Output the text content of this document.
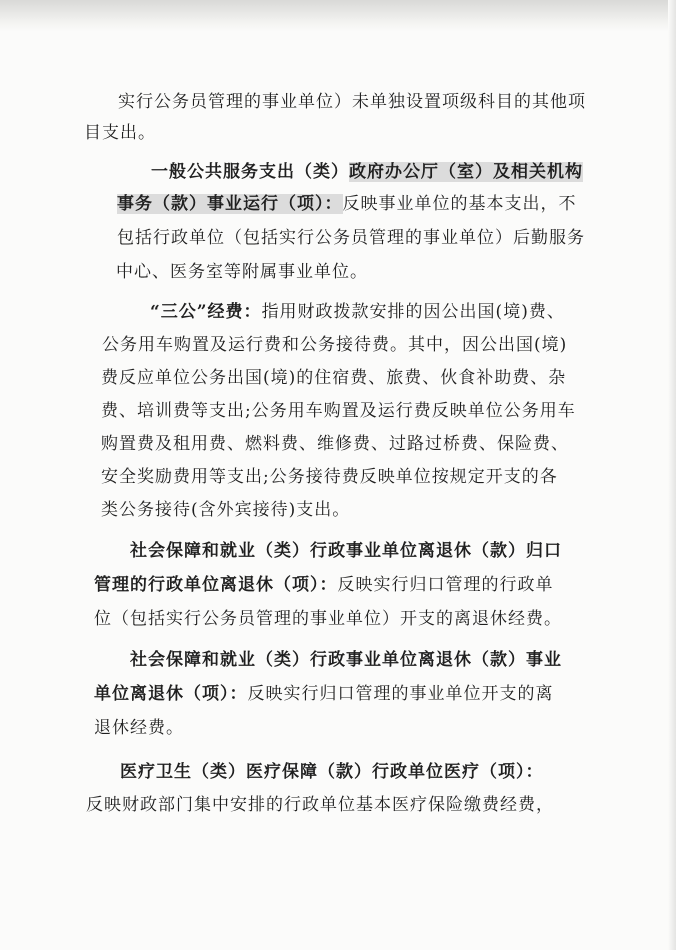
实行公务员管理的事业单位）未单独设置项级科目的其他项
目支出。
一般公共服务支出（类）政府办公厅（室）及相关机构
事务（款）事业运行（项）：反映事业单位的基本支出，不
包括行政单位（包括实行公务员管理的事业单位）后勤服务
中心、医务室等附属事业单位。
“三公”经费：指用财政拨款安排的因公出国(境)费、
公务用车购置及运行费和公务接待费。其中，因公出国(境)
费反应单位公务出国(境)的住宿费、旅费、伙食补助费、杂
费、培训费等支出;公务用车购置及运行费反映单位公务用车
购置费及租用费、燃料费、维修费、过路过桥费、保险费、
安全奖励费用等支出;公务接待费反映单位按规定开支的各
类公务接待(含外宾接待)支出。
社会保障和就业（类）行政事业单位离退休（款）归口
管理的行政单位离退休（项）：反映实行归口管理的行政单
位（包括实行公务员管理的事业单位）开支的离退休经费。
社会保障和就业（类）行政事业单位离退休（款）事业
单位离退休（项）：反映实行归口管理的事业单位开支的离
退休经费。
医疗卫生（类）医疗保障（款）行政单位医疗（项）：
反映财政部门集中安排的行政单位基本医疗保险缴费经费，
